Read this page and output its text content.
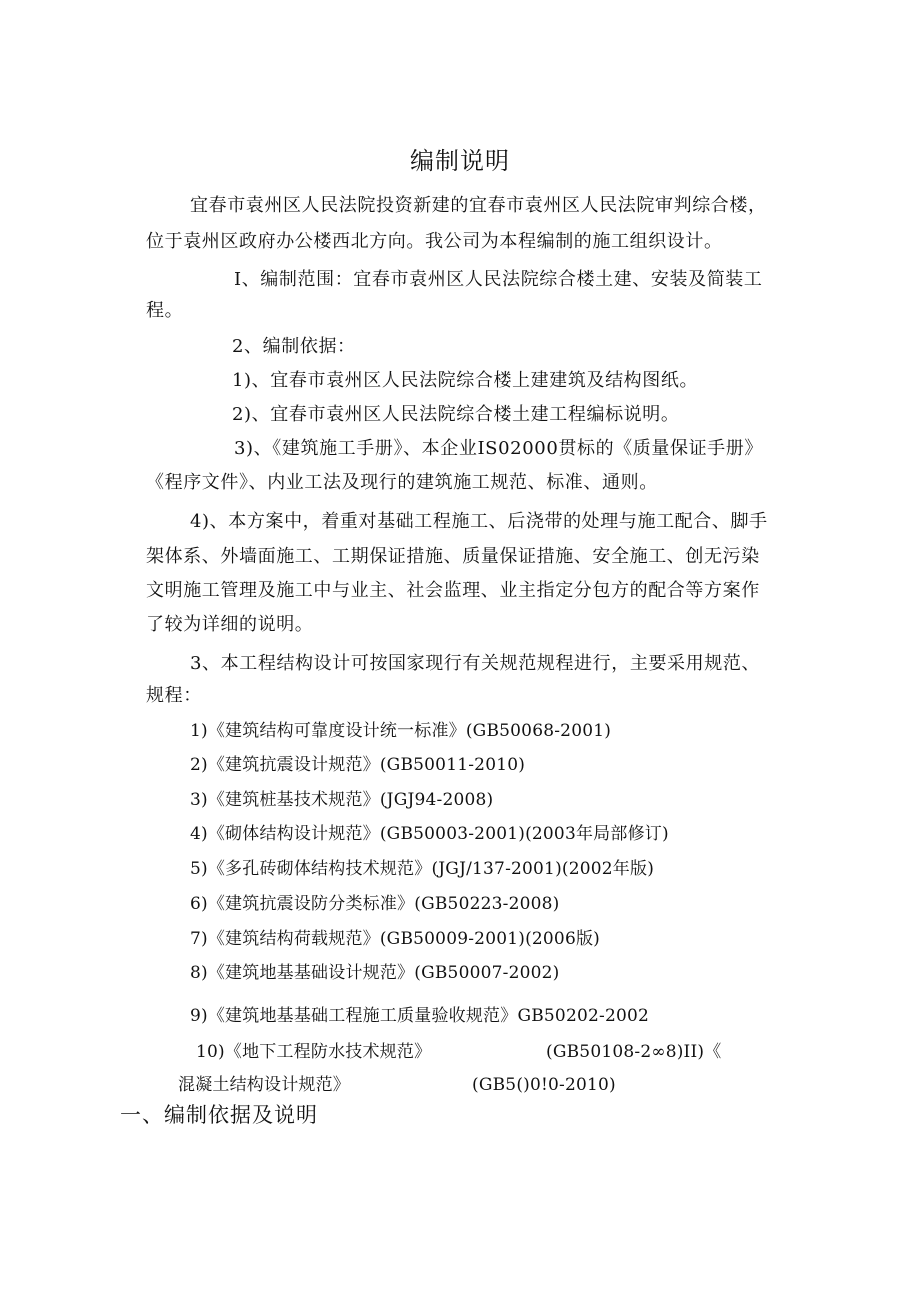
编制说明
宜春市袁州区人民法院投资新建的宜春市袁州区人民法院审判综合楼，
位于袁州区政府办公楼西北方向。我公司为本程编制的施工组织设计。
I、编制范围：宜春市袁州区人民法院综合楼土建、安装及简装工
程。
2、编制依据：
1)、宜春市袁州区人民法院综合楼上建建筑及结构图纸。
2)、宜春市袁州区人民法院综合楼土建工程编标说明。
3)、《建筑施工手册》、本企业IS02000贯标的《质量保证手册》
《程序文件》、内业工法及现行的建筑施工规范、标准、通则。
4)、本方案中，着重对基础工程施工、后浇带的处理与施工配合、脚手
架体系、外墙面施工、工期保证措施、质量保证措施、安全施工、创无污染
文明施工管理及施工中与业主、社会监理、业主指定分包方的配合等方案作
了较为详细的说明。
3、本工程结构设计可按国家现行有关规范规程进行，主要采用规范、
规程：
1)《建筑结构可靠度设计统一标准》(GB50068-2001)
2)《建筑抗震设计规范》(GB50011-2010)
3)《建筑桩基技术规范》(JGJ94-2008)
4)《砌体结构设计规范》(GB50003-2001)(2003年局部修订)
5)《多孔砖砌体结构技术规范》(JGJ/137-2001)(2002年版)
6)《建筑抗震设防分类标准》(GB50223-2008)
7)《建筑结构荷载规范》(GB50009-2001)(2006版)
8)《建筑地基基础设计规范》(GB50007-2002)
9)《建筑地基基础工程施工质量验收规范》GB50202-2002
10)《地下工程防水技术规范》	(GB50108-2∞8)II)《
混凝土结构设计规范》	(GB5()0!0-2010)
一、编制依据及说明
